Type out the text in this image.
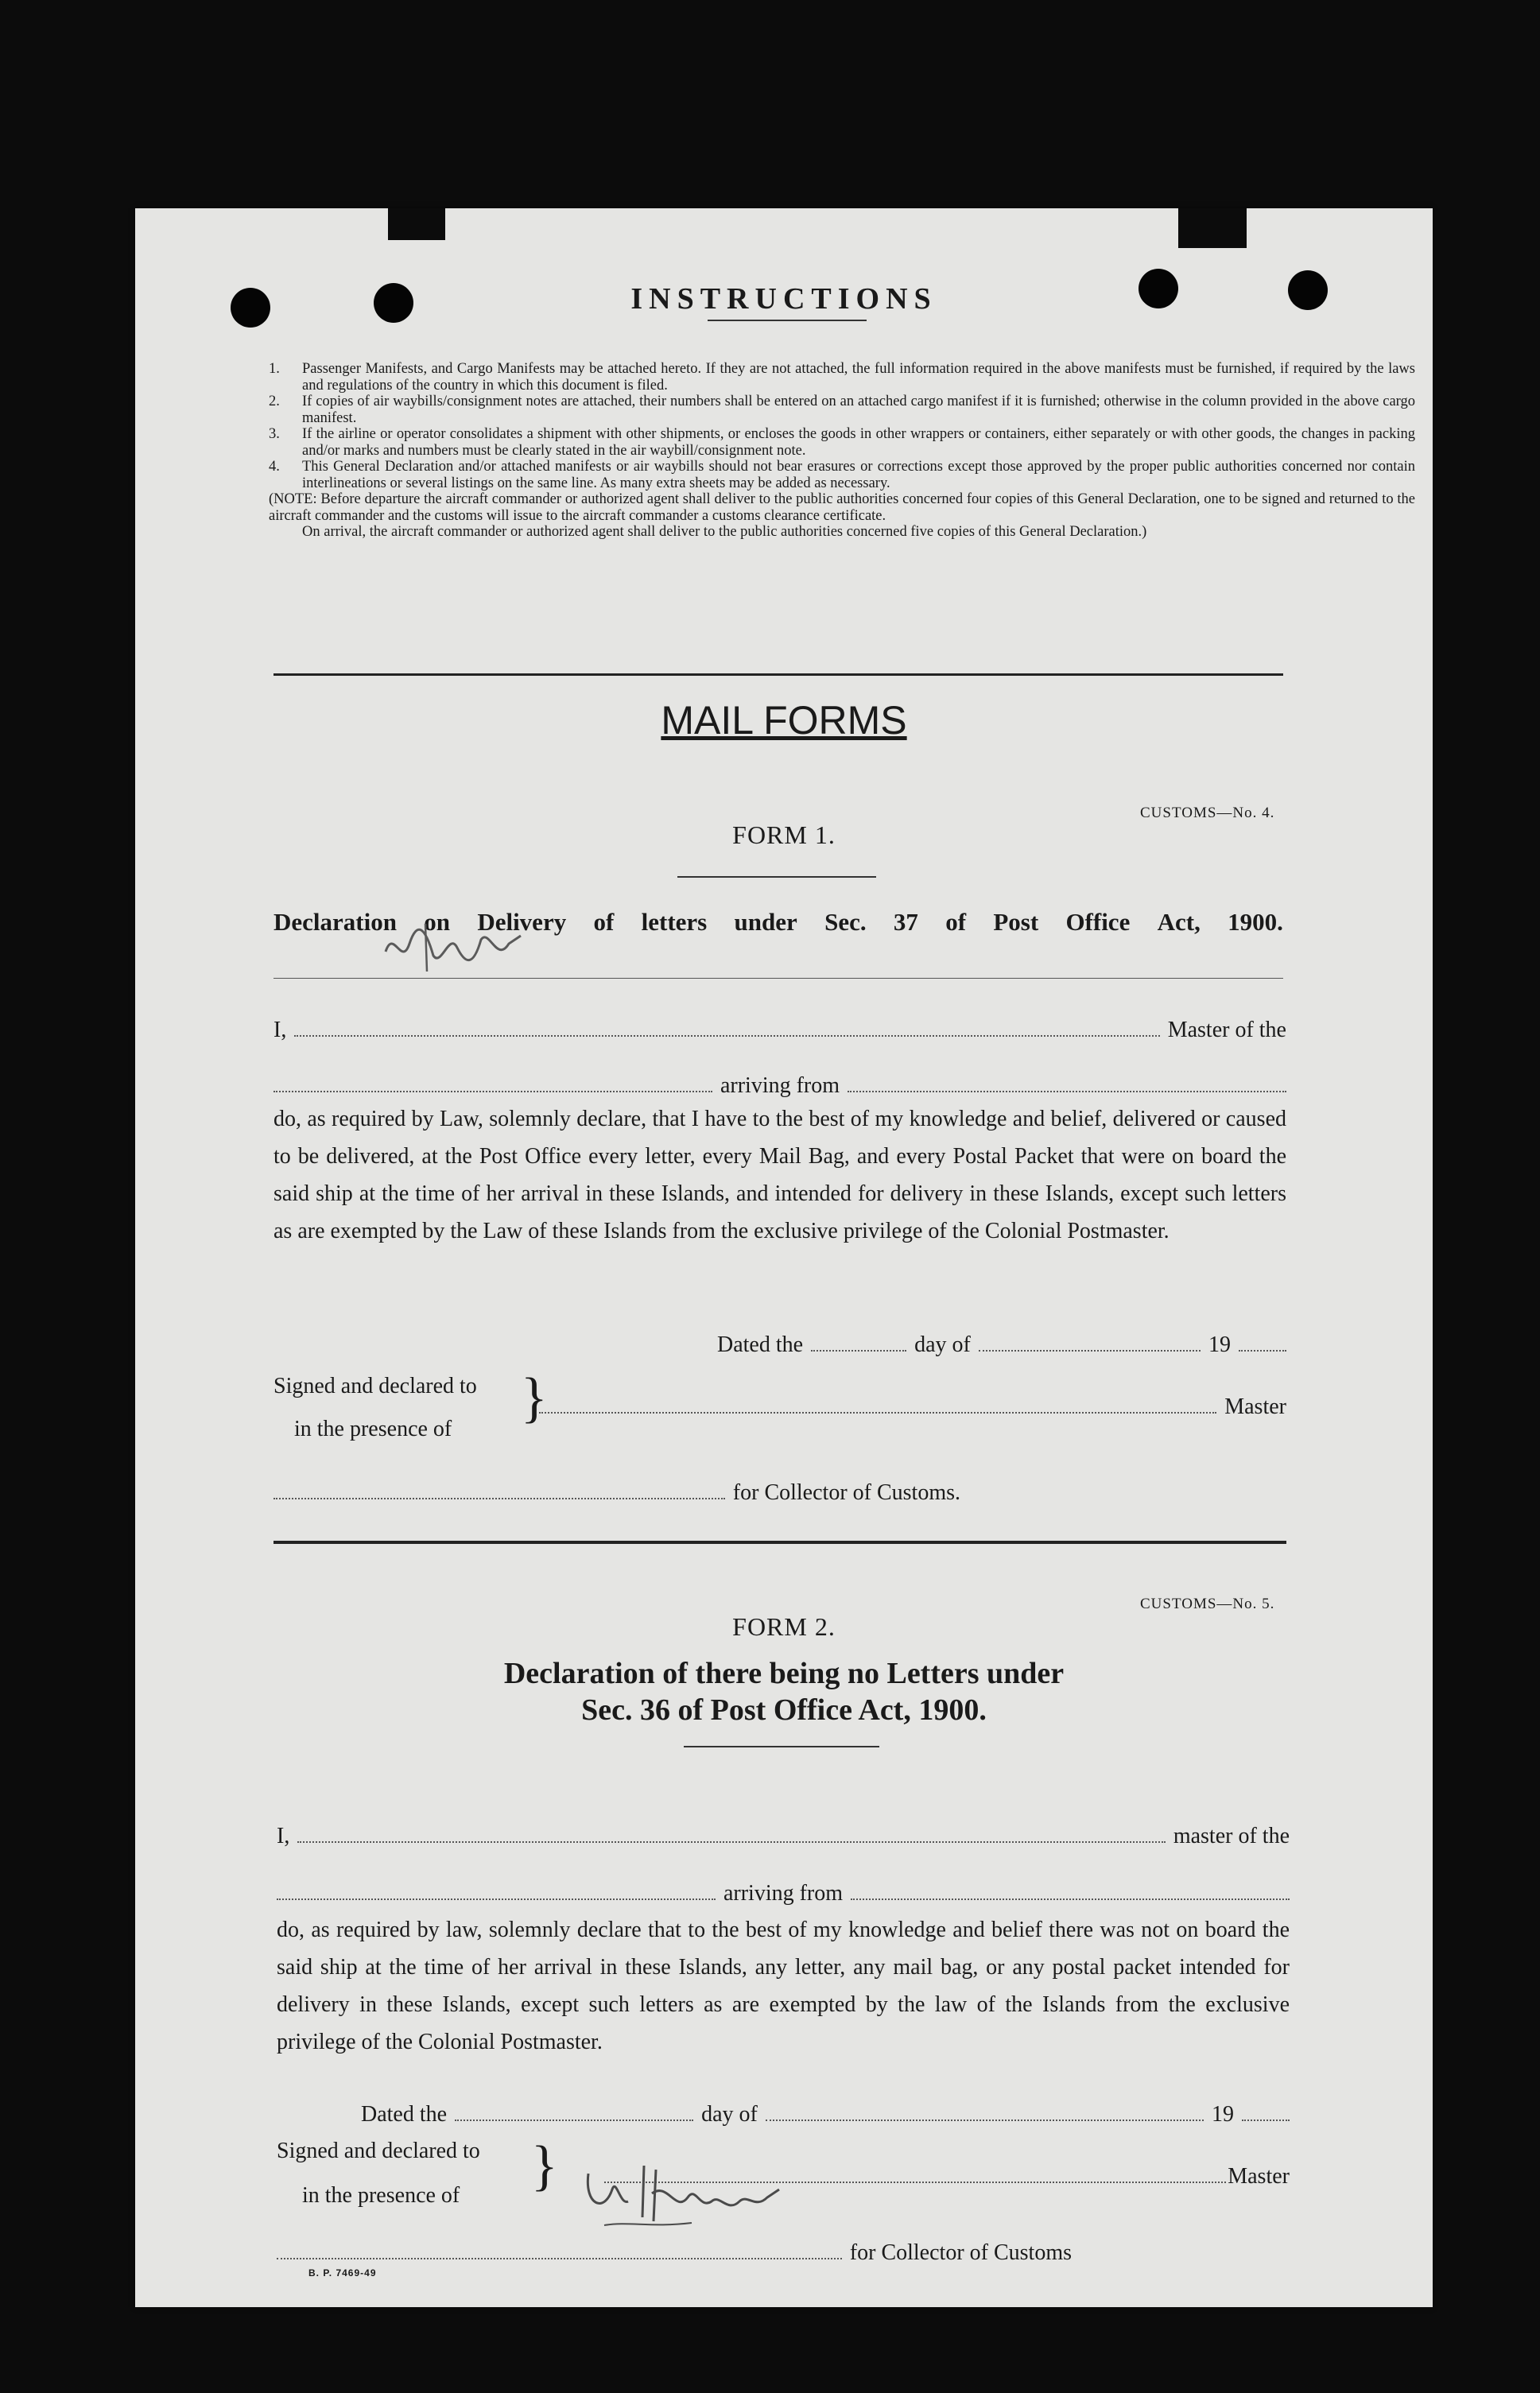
INSTRUCTIONS
1.	Passenger Manifests, and Cargo Manifests may be attached hereto. If they are not attached, the full information required in the above manifests must be furnished, if required by the laws and regulations of the country in which this document is filed.
2.	If copies of air waybills/consignment notes are attached, their numbers shall be entered on an attached cargo manifest if it is furnished; otherwise in the column provided in the above cargo manifest.
3.	If the airline or operator consolidates a shipment with other shipments, or encloses the goods in other wrappers or containers, either separately or with other goods, the changes in packing and/or marks and numbers must be clearly stated in the air waybill/consignment note.
4.	This General Declaration and/or attached manifests or air waybills should not bear erasures or corrections except those approved by the proper public authorities concerned nor contain interlineations or several listings on the same line. As many extra sheets may be added as necessary.
(NOTE: Before departure the aircraft commander or authorized agent shall deliver to the public authorities concerned four copies of this General Declaration, one to be signed and returned to the aircraft commander and the customs will issue to the aircraft commander a customs clearance certificate.
On arrival, the aircraft commander or authorized agent shall deliver to the public authorities concerned five copies of this General Declaration.)
MAIL FORMS
CUSTOMS—No. 4.
FORM 1.
Declaration on Delivery of letters under Sec. 37 of Post Office Act, 1900.
I,	Master of the
arriving from
do, as required by Law, solemnly declare, that I have to the best of my knowledge and belief, delivered or caused to be delivered, at the Post Office every letter, every Mail Bag, and every Postal Packet that were on board the said ship at the time of her arrival in these Islands, and intended for delivery in these Islands, except such letters as are exempted by the Law of these Islands from the exclusive privilege of the Colonial Postmaster.
Dated the	day of	19
Signed and declared to
in the presence of
}	Master
for Collector of Customs.
CUSTOMS—No. 5.
FORM 2.
Declaration of there being no Letters under
Sec. 36 of Post Office Act, 1900.
I,	master of the
arriving from
do, as required by law, solemnly declare that to the best of my knowledge and belief there was not on board the said ship at the time of her arrival in these Islands, any letter, any mail bag, or any postal packet intended for delivery in these Islands, except such letters as are exempted by the law of the Islands from the exclusive privilege of the Colonial Postmaster.
Dated the	day of	19
Signed and declared to
in the presence of }	Master
for Collector of Customs
B. P. 7469-49
